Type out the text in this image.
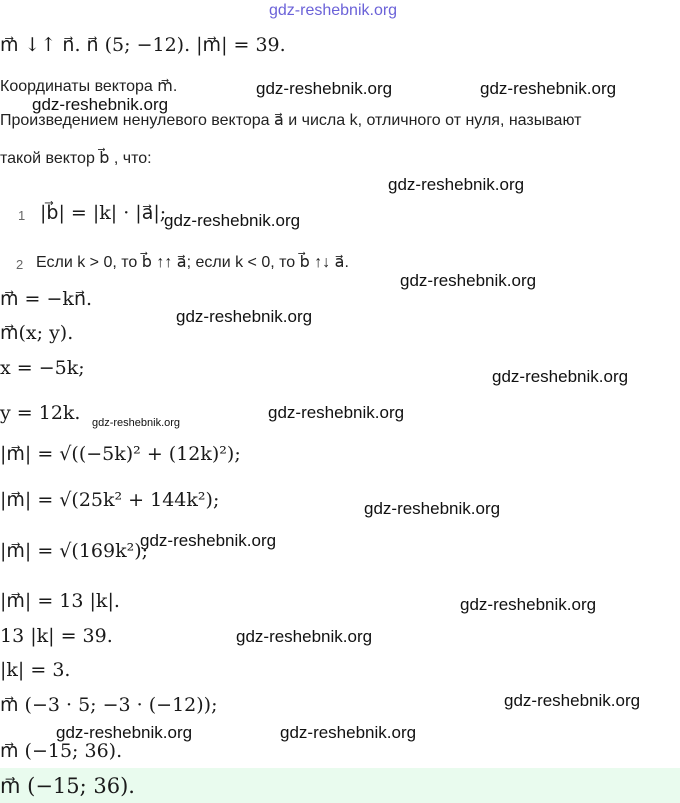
gdz-reshebnik.org
m⃗ ↓↑ n⃗. n⃗ (5; −12). |m⃗| = 39.
Координаты вектора m⃗.
Произведением ненулевого вектора a⃗ и числа k, отличного от нуля, называют
такой вектор b⃗ , что:
1 |b⃗| = |k| · |a⃗|;
2 Если k > 0, то b⃗ ↑↑ a⃗; если k < 0, то b⃗ ↑↓ a⃗.
m⃗ = −kn⃗.
m⃗(x; y).
x = −5k;
y = 12k.
|m⃗| = √((−5k)² + (12k)²);
|m⃗| = √(25k² + 144k²);
|m⃗| = √(169k²);
|m⃗| = 13 |k|.
13 |k| = 39.
|k| = 3.
m⃗ (−3 · 5; −3 · (−12));
m⃗ (−15; 36).
m⃗ (−15; 36).
gdz-reshebnik.org	gdz-reshebnik.org
gdz-reshebnik.org
gdz-reshebnik.org
gdz-reshebnik.org
gdz-reshebnik.org
gdz-reshebnik.org
gdz-reshebnik.org
gdz-reshebnik.org
gdz-reshebnik.org
gdz-reshebnik.org
gdz-reshebnik.org
gdz-reshebnik.org
gdz-reshebnik.org
gdz-reshebnik.org
gdz-reshebnik.org	gdz-reshebnik.org
